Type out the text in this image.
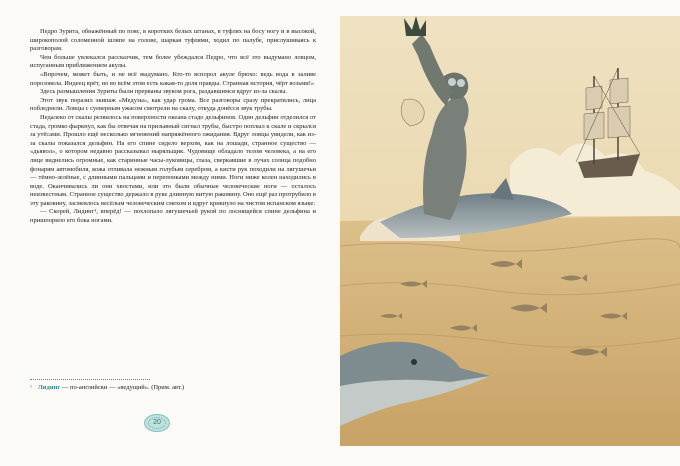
Педро Зурита, обнажённый по пояс, в коротких белых штанах, в туфлях на босу ногу и в высокой, широкополой соломенной шляпе на голове, шаркая туфлями, ходил по палубе, прислушиваясь к разговорам.

Чем больше увлекался рассказчик, тем более убеждался Педро, что всё это выдумано ловцом, испуганным приближением акулы.

«Впрочем, может быть, и не всё выдумано. Кто-то вспорол акуле брюхо: ведь вода в заливе порозовела. Индеец врёт, но во всём этом есть какая-то доля правды. Странная история, чёрт возьми!»

Здесь размышления Зуриты были прерваны звуком рога, раздавшимся вдруг из-за скалы.

Этот звук поразил экипаж «Медузы», как удар грома. Все разговоры сразу прекратились, лица побледнели. Ловцы с суеверным ужасом смотрели на скалу, откуда донёсся звук трубы.

Недалеко от скалы резвилось на поверхности океана стадо дельфинов. Один дельфин отделился от стада, громко фыркнул, как бы отвечая на призывный сигнал трубы, быстро поплыл к скале и скрылся за утёсами. Прошло ещё несколько мгновений напряжённого ожидания. Вдруг ловцы увидели, как из-за скалы показался дельфин. На его спине сидело верхом, как на лошади, странное существо — «дьявол», о котором недавно рассказывал ныряльщик. Чудовище обладало телом человека, а на его лице виднелись огромные, как старинные часы-луковицы, глаза, сверкавшие в лучах солнца подобно фонарям автомобиля, кожа отливала нежным голубым серебром, а кисти рук походили на лягушечьи — тёмно-зелёные, с длинными пальцами и перепонками между ними. Ноги ниже колен находились в воде. Оканчивались ли они хвостами, или это были обычные человеческие ноги — осталось неизвестным. Странное существо держало в руке длинную витую раковину. Оно ещё раз протрубило в эту раковину, засмеялось весёлым человеческим смехом и вдруг крикнуло на чистом испанском языке:

— Скорей, Лидинг¹, вперёд! — похлопало лягушечьей рукой по лоснящейся спине дельфина и пришпорило его бока ногами.

¹ Лидинг — по-английски — «ведущий». (Прим. авт.)
20
